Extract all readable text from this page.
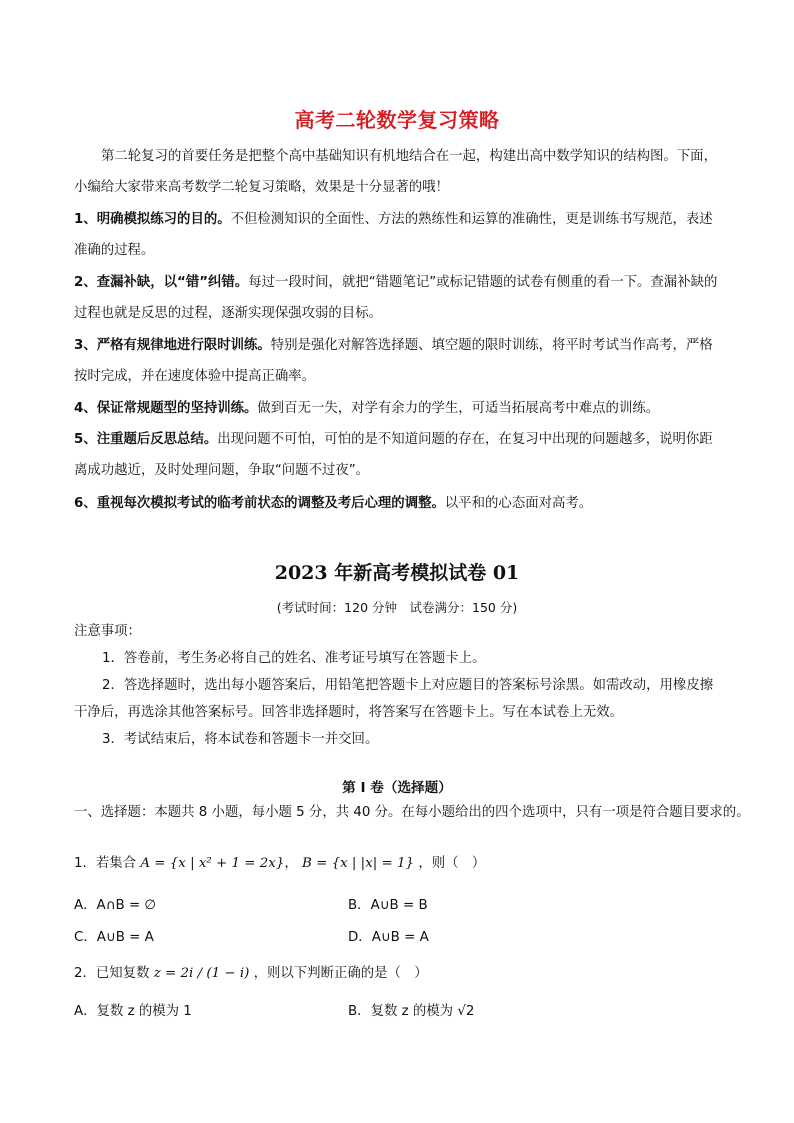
高考二轮数学复习策略

第二轮复习的首要任务是把整个高中基础知识有机地结合在一起，构建出高中数学知识的结构图。下面，小编给大家带来高考数学二轮复习策略，效果是十分显著的哦！

1、明确模拟练习的目的。不但检测知识的全面性、方法的熟练性和运算的准确性，更是训练书写规范，表述准确的过程。

2、查漏补缺，以“错”纠错。每过一段时间，就把“错题笔记”或标记错题的试卷有侧重的看一下。查漏补缺的过程也就是反思的过程，逐渐实现保强攻弱的目标。

3、严格有规律地进行限时训练。特别是强化对解答选择题、填空题的限时训练，将平时考试当作高考，严格按时完成，并在速度体验中提高正确率。

4、保证常规题型的坚持训练。做到百无一失，对学有余力的学生，可适当拓展高考中难点的训练。

5、注重题后反思总结。出现问题不可怕，可怕的是不知道问题的存在，在复习中出现的问题越多，说明你距离成功越近，及时处理问题，争取“问题不过夜”。

6、重视每次模拟考试的临考前状态的调整及考后心理的调整。以平和的心态面对高考。

2023 年新高考模拟试卷 01
(考试时间：120 分钟　试卷满分：150 分)
注意事项：
1．答卷前，考生务必将自己的姓名、准考证号填写在答题卡上。
2．答选择题时，选出每小题答案后，用铅笔把答题卡上对应题目的答案标号涂黑。如需改动，用橡皮擦干净后，再选涂其他答案标号。回答非选择题时，将答案写在答题卡上。写在本试卷上无效。
3．考试结束后，将本试卷和答题卡一并交回。
第 I 卷（选择题）
一、选择题：本题共 8 小题，每小题 5 分，共 40 分。在每小题给出的四个选项中，只有一项是符合题目要求的。
1．若集合 A = {x | x² + 1 = 2x}， B = {x | |x| = 1} ，则（　）
A．A∩B = ∅	B．A∪B = B
C．A∪B = A	D．A∪B = A
2．已知复数 z = 2i / (1 − i) ，则以下判断正确的是（　）
A．复数 z 的模为 1	B．复数 z 的模为 √2
